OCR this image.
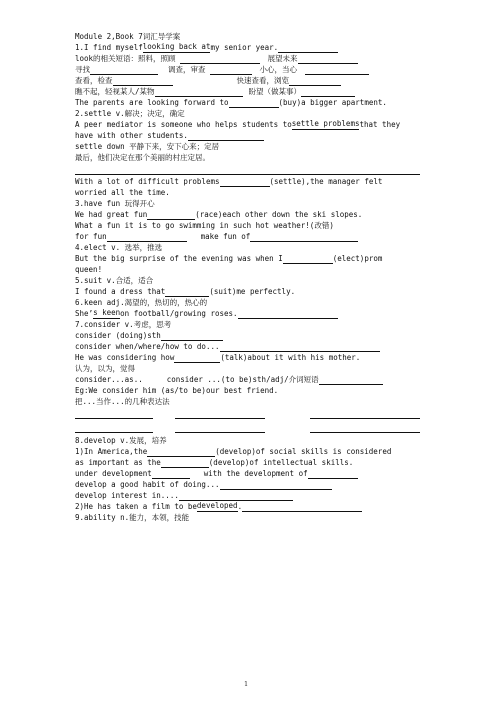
Module 2,Book 7词汇导学案
1.I find myselflooking back atmy senior year.
look的相关短语：照料，照顾	展望未来
寻找	调查，审查	小心，当心
查看，检查	快速查看，浏览
瞧不起，轻视某人/某物	盼望（做某事）
The parents are looking forward to	(buy)a bigger apartment.
2.settle v.解决；决定，确定
A peer mediator is someone who helps students tosettle problemsthat they
have with other students.
settle down 平静下来，安下心来；定居
最后，他们决定在那个美丽的村庄定居。
With a lot of difficult problems	(settle),the manager felt
worried all the time.
3.have fun 玩得开心
We had great fun	(race)each other down the ski slopes.
What a fun it is to go swimming in such hot weather!(改错)
for fun	make fun of
4.elect v. 选举，推选
But the big surprise of the evening was when I	(elect)prom
queen!
5.suit v.合适，适合
I found a dress that	(suit)me perfectly.
6.keen adj.渴望的，热切的，热心的
She’s keenon football/growing roses.
7.consider v.考虑，思考
consider (doing)sth
consider when/where/how to do...
He was considering how	(talk)about it with his mother.
认为，以为，觉得
consider...as..	consider ...(to be)sth/adj/介词短语
Eg:We consider him (as/to be)our best friend.
把...当作...的几种表达法
8.develop v.发展，培养
1)In America,the	(develop)of social skills is considered
as important as the	(develop)of intellectual skills.
under development	with the development of
develop a good habit of doing...
develop interest in....
2)He has taken a film to bedeveloped.
9.ability n.能力，本领，技能
1
